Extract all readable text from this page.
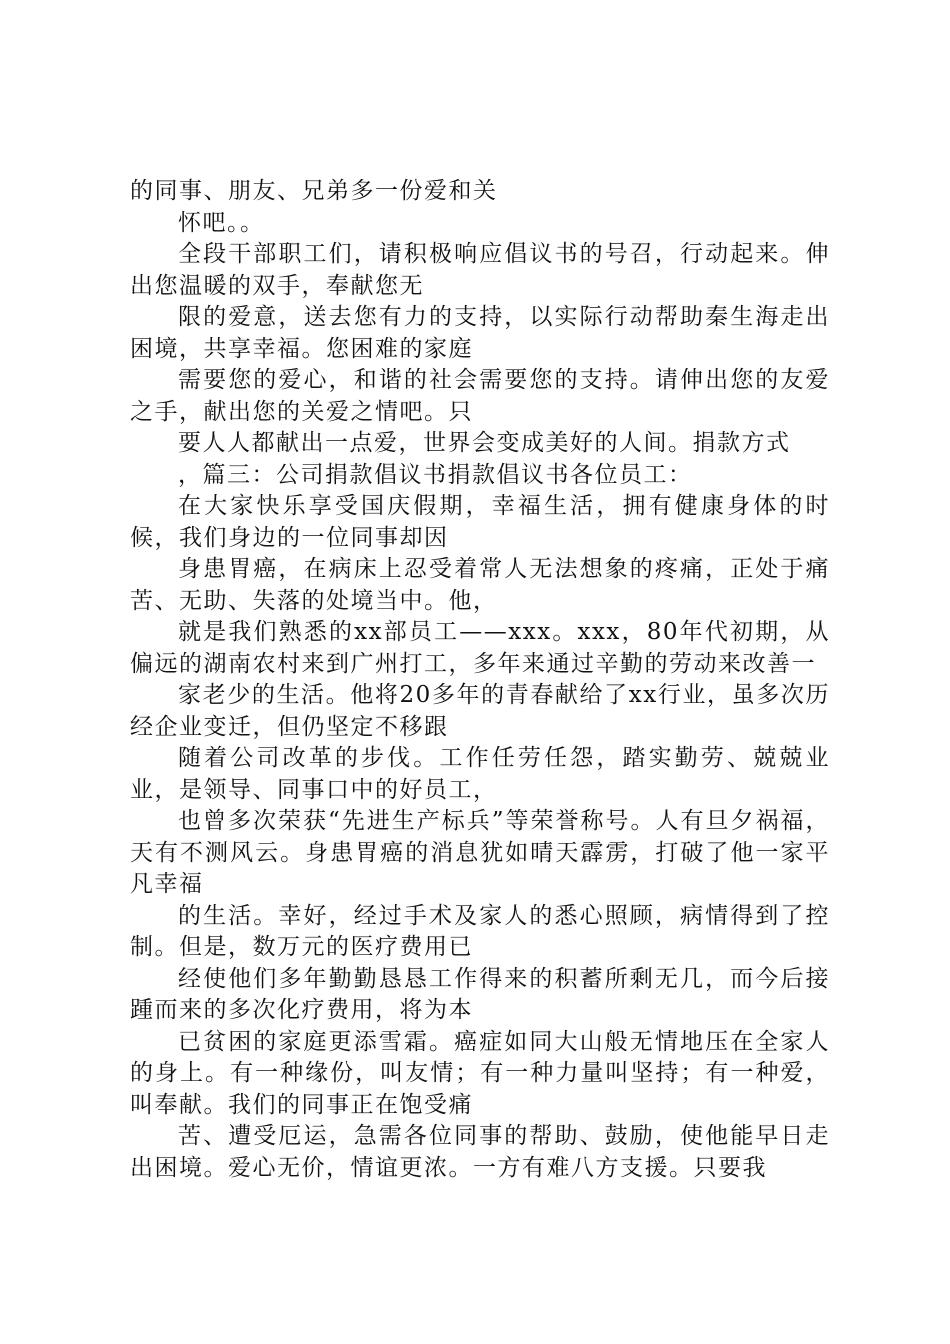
的同事、朋友、兄弟多一份爱和关

怀吧。。

全段干部职工们，请积极响应倡议书的号召，行动起来。伸出您温暖的双手，奉献您无

限的爱意，送去您有力的支持，以实际行动帮助秦生海走出困境，共享幸福。您困难的家庭

需要您的爱心，和谐的社会需要您的支持。请伸出您的友爱之手，献出您的关爱之情吧。只

要人人都献出一点爱，世界会变成美好的人间。捐款方式

，篇三：公司捐款倡议书捐款倡议书各位员工：

在大家快乐享受国庆假期，幸福生活，拥有健康身体的时候，我们身边的一位同事却因

身患胃癌，在病床上忍受着常人无法想象的疼痛，正处于痛苦、无助、失落的处境当中。他，

就是我们熟悉的xx部员工——xxx。xxx，80年代初期，从偏远的湖南农村来到广州打工，多年来通过辛勤的劳动来改善一

家老少的生活。他将20多年的青春献给了xx行业，虽多次历经企业变迁，但仍坚定不移跟

随着公司改革的步伐。工作任劳任怨，踏实勤劳、兢兢业业，是领导、同事口中的好员工，

也曾多次荣获“先进生产标兵”等荣誉称号。人有旦夕祸福，天有不测风云。身患胃癌的消息犹如晴天霹雳，打破了他一家平凡幸福

的生活。幸好，经过手术及家人的悉心照顾，病情得到了控制。但是，数万元的医疗费用已

经使他们多年勤勤恳恳工作得来的积蓄所剩无几，而今后接踵而来的多次化疗费用，将为本

已贫困的家庭更添雪霜。癌症如同大山般无情地压在全家人的身上。有一种缘份，叫友情；有一种力量叫坚持；有一种爱，叫奉献。我们的同事正在饱受痛

苦、遭受厄运，急需各位同事的帮助、鼓励，使他能早日走出困境。爱心无价，情谊更浓。一方有难八方支援。只要我
